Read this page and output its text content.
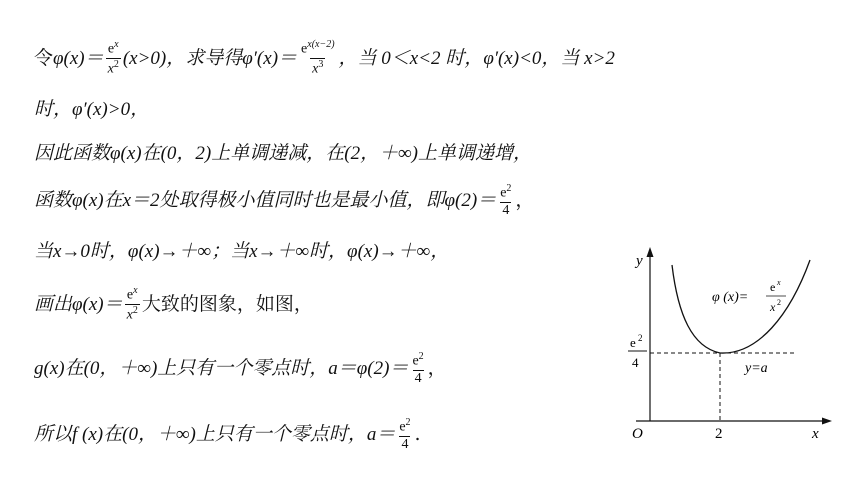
令 $\varphi(x)= \frac{e^x}{x^2} (x>0)$，求导得 $\varphi'(x)= \frac{e^{x(x-2)}}{x^3}$ ，当 0＜x<2 时， φ′(x)<0，当 x>2
时，φ′(x)>0，
因此函数φ(x)在(0，2)上单调递减，在(2，＋∞)上单调递增，
函数φ(x)在x＝2处取得极小值同时也是最小值，即$\varphi(2)= \frac{e^2}{4}$ ，
当x→0时，φ(x)→＋∞；当x→＋∞时，φ(x)→＋∞，
画出$\varphi(x)= \frac{e^x}{x^2}$ 大致的图象，如图，
g(x)在(0，＋∞)上只有一个零点时，$a=\varphi(2)= \frac{e^2}{4}$ ，
所以f (x)在(0，＋∞)上只有一个零点时，$a= \frac{e^2}{4}$ .
y
x
O	2
e 2
4
φ (x)=
e x
x 2
y=a
